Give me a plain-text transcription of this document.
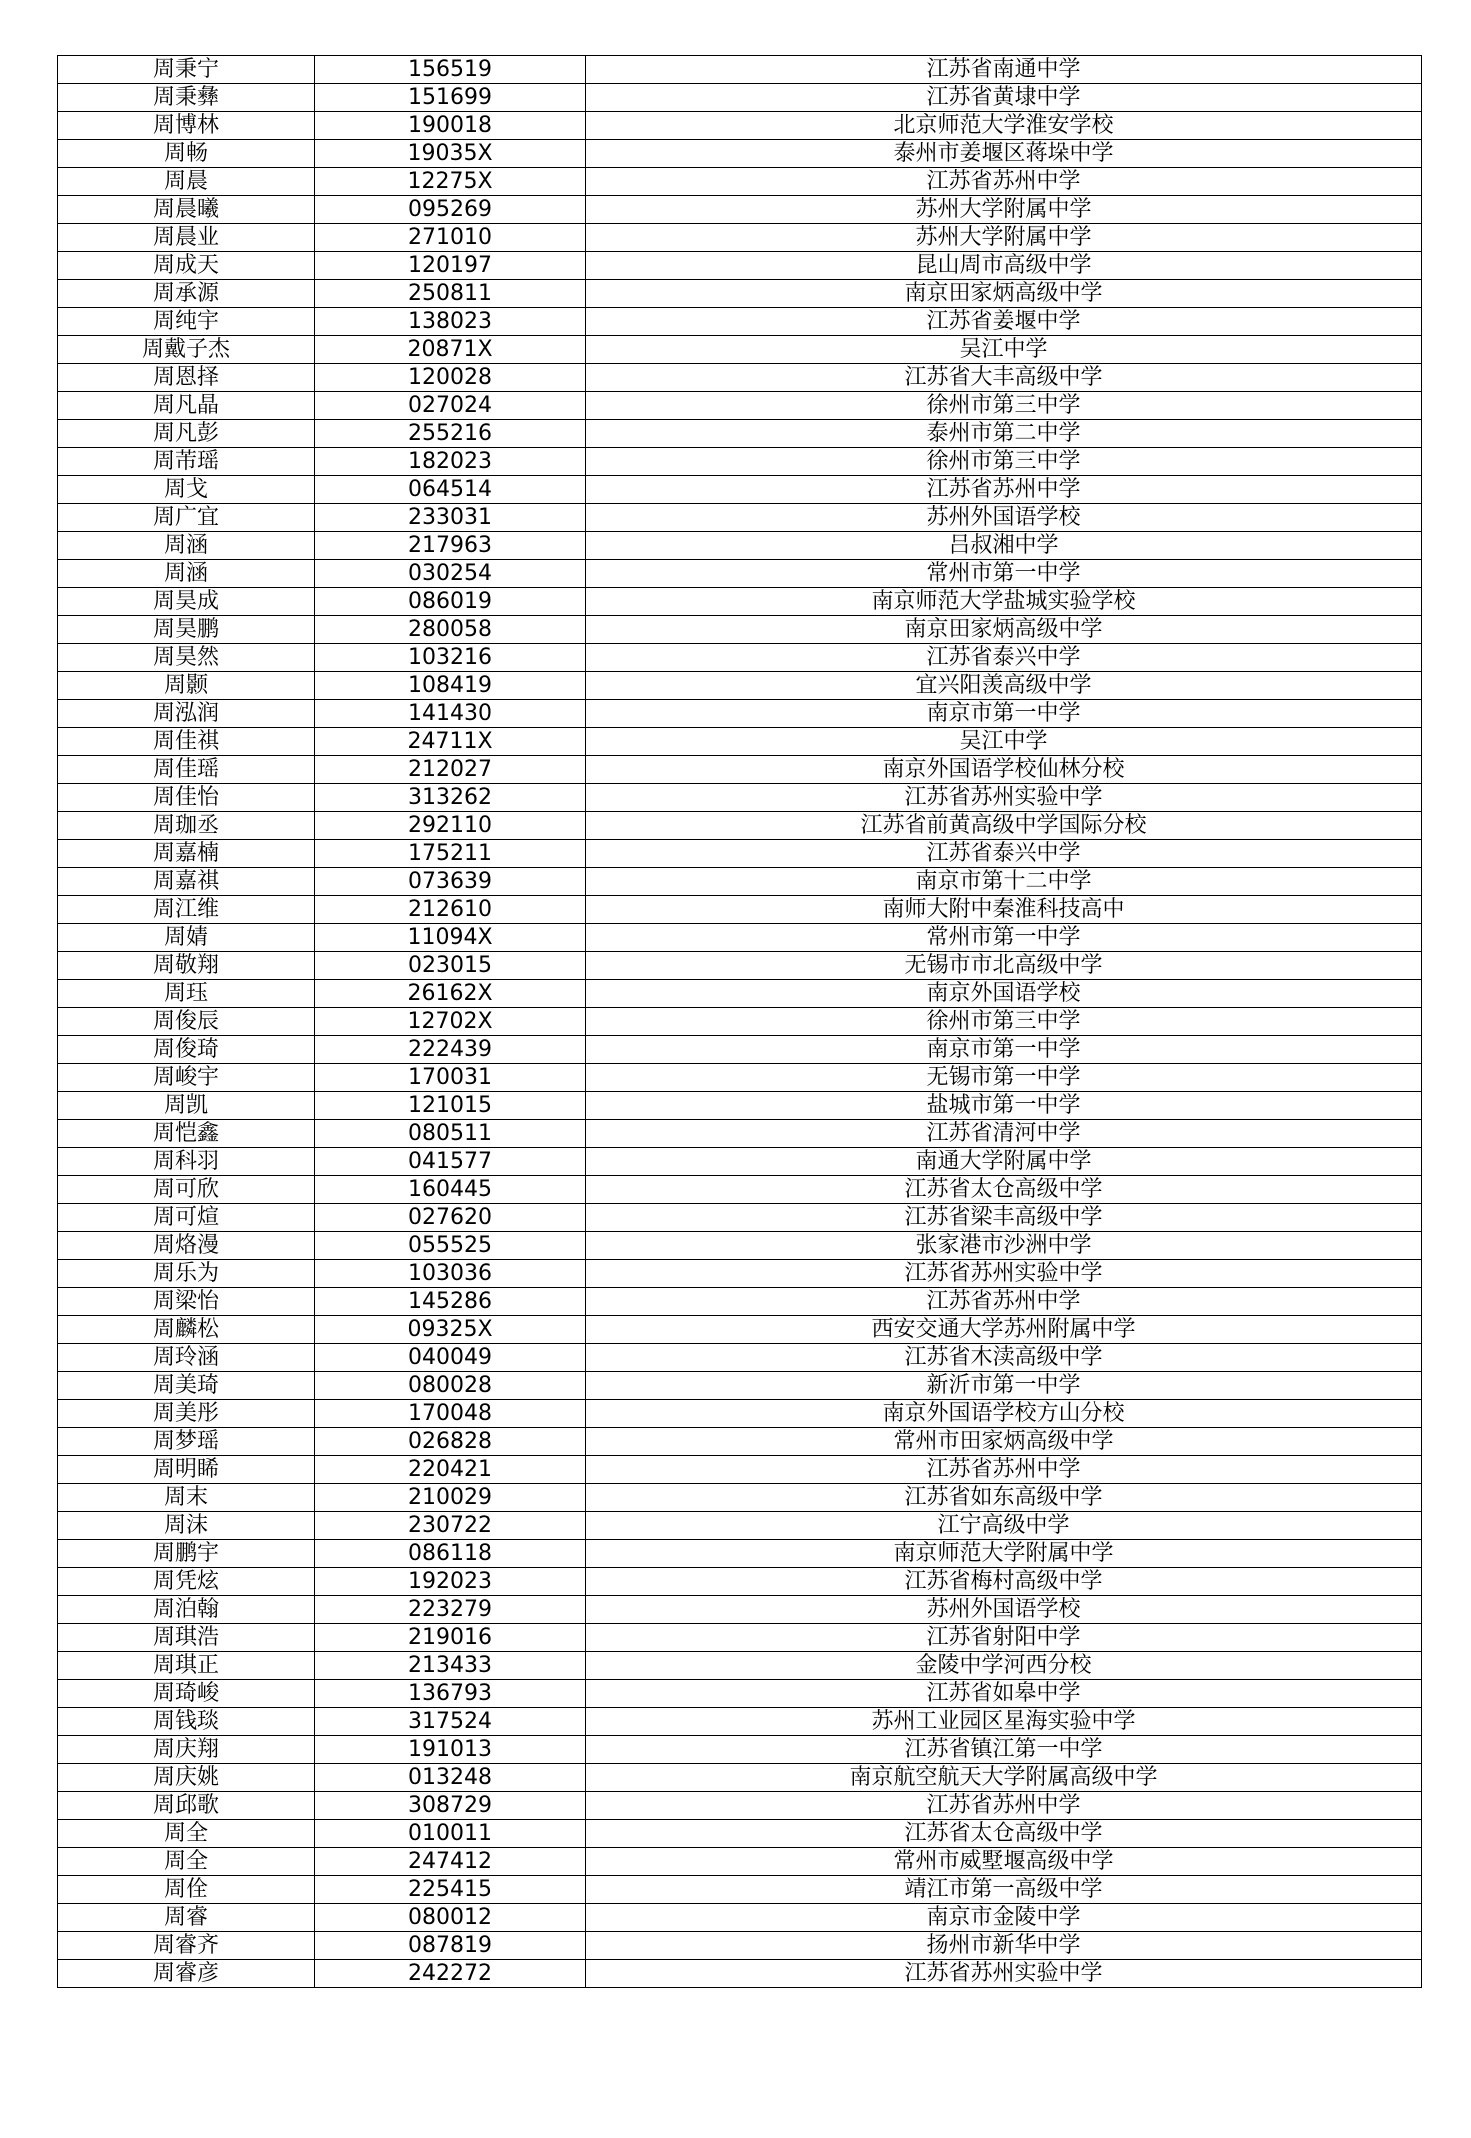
周秉宁	156519	江苏省南通中学
周秉彝	151699	江苏省黄埭中学
周博林	190018	北京师范大学淮安学校
周畅	19035X	泰州市姜堰区蒋垛中学
周晨	12275X	江苏省苏州中学
周晨曦	095269	苏州大学附属中学
周晨业	271010	苏州大学附属中学
周成天	120197	昆山周市高级中学
周承源	250811	南京田家炳高级中学
周纯宇	138023	江苏省姜堰中学
周戴子杰	20871X	吴江中学
周恩择	120028	江苏省大丰高级中学
周凡晶	027024	徐州市第三中学
周凡彭	255216	泰州市第二中学
周芾瑶	182023	徐州市第三中学
周戈	064514	江苏省苏州中学
周广宜	233031	苏州外国语学校
周涵	217963	吕叔湘中学
周涵	030254	常州市第一中学
周昊成	086019	南京师范大学盐城实验学校
周昊鹏	280058	南京田家炳高级中学
周昊然	103216	江苏省泰兴中学
周颢	108419	宜兴阳羡高级中学
周泓润	141430	南京市第一中学
周佳祺	24711X	吴江中学
周佳瑶	212027	南京外国语学校仙林分校
周佳怡	313262	江苏省苏州实验中学
周珈丞	292110	江苏省前黄高级中学国际分校
周嘉楠	175211	江苏省泰兴中学
周嘉祺	073639	南京市第十二中学
周江维	212610	南师大附中秦淮科技高中
周婧	11094X	常州市第一中学
周敬翔	023015	无锡市市北高级中学
周珏	26162X	南京外国语学校
周俊辰	12702X	徐州市第三中学
周俊琦	222439	南京市第一中学
周峻宇	170031	无锡市第一中学
周凯	121015	盐城市第一中学
周恺鑫	080511	江苏省清河中学
周科羽	041577	南通大学附属中学
周可欣	160445	江苏省太仓高级中学
周可煊	027620	江苏省梁丰高级中学
周烙漫	055525	张家港市沙洲中学
周乐为	103036	江苏省苏州实验中学
周梁怡	145286	江苏省苏州中学
周麟松	09325X	西安交通大学苏州附属中学
周玲涵	040049	江苏省木渎高级中学
周美琦	080028	新沂市第一中学
周美彤	170048	南京外国语学校方山分校
周梦瑶	026828	常州市田家炳高级中学
周明睎	220421	江苏省苏州中学
周末	210029	江苏省如东高级中学
周沫	230722	江宁高级中学
周鹏宇	086118	南京师范大学附属中学
周凭炫	192023	江苏省梅村高级中学
周泊翰	223279	苏州外国语学校
周琪浩	219016	江苏省射阳中学
周琪正	213433	金陵中学河西分校
周琦峻	136793	江苏省如皋中学
周钱琰	317524	苏州工业园区星海实验中学
周庆翔	191013	江苏省镇江第一中学
周庆姚	013248	南京航空航天大学附属高级中学
周邱歌	308729	江苏省苏州中学
周全	010011	江苏省太仓高级中学
周全	247412	常州市威墅堰高级中学
周佺	225415	靖江市第一高级中学
周睿	080012	南京市金陵中学
周睿齐	087819	扬州市新华中学
周睿彦	242272	江苏省苏州实验中学
